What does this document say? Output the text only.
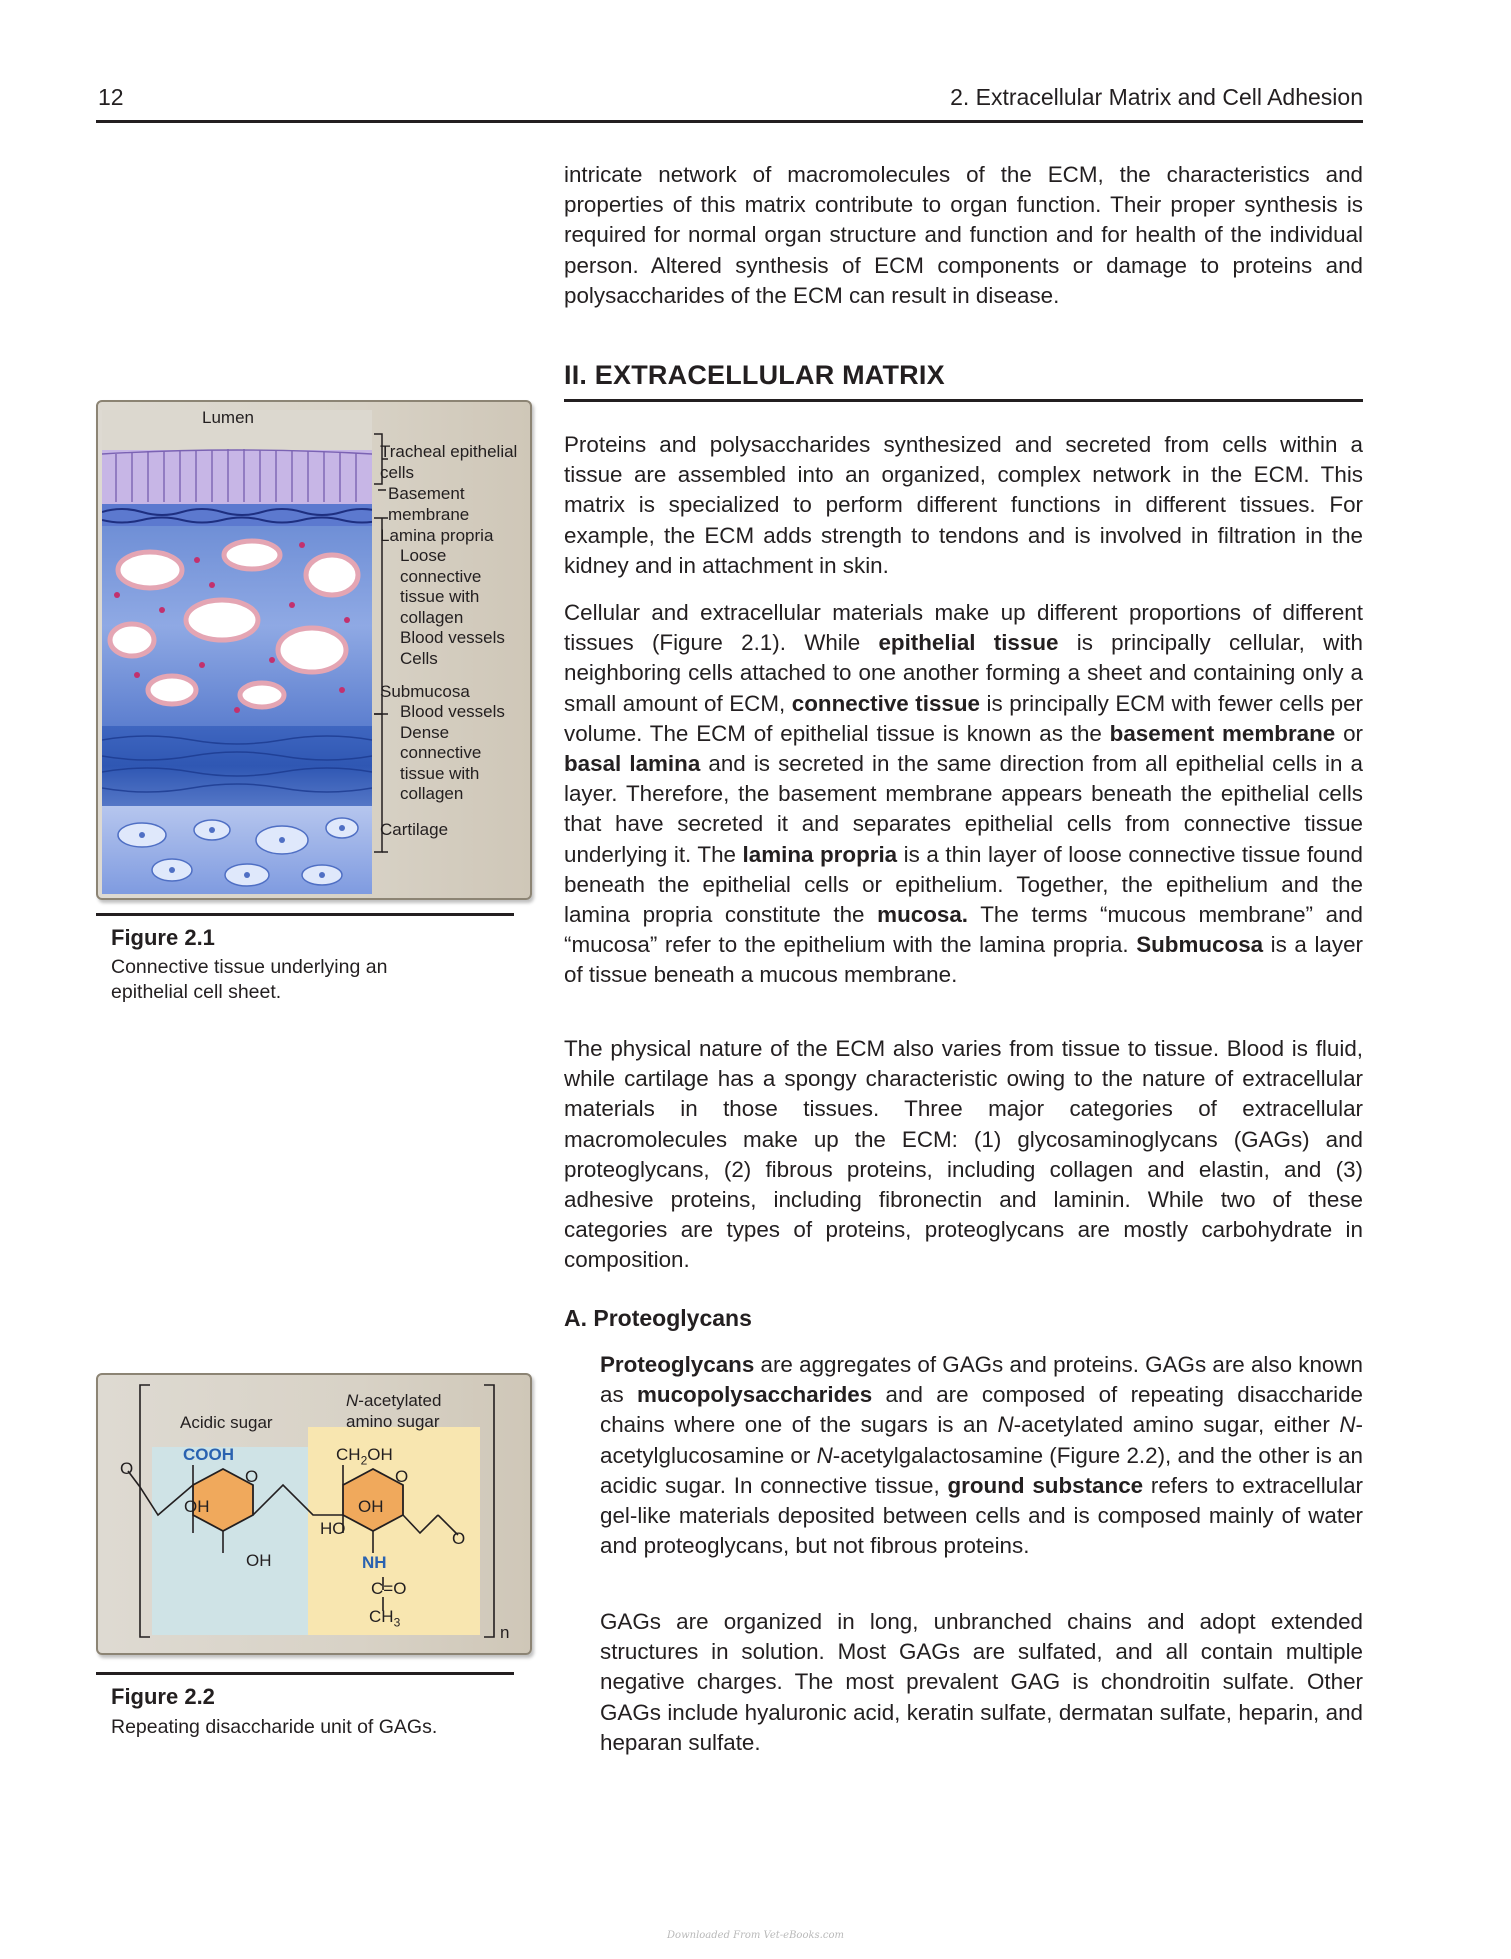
12	2. Extracellular Matrix and Cell Adhesion

intricate network of macromolecules of the ECM, the characteristics and properties of this matrix contribute to organ function. Their proper synthesis is required for normal organ structure and function and for health of the individual person. Altered synthesis of ECM components or damage to proteins and polysaccharides of the ECM can result in disease.

II. EXTRACELLULAR MATRIX

Proteins and polysaccharides synthesized and secreted from cells within a tissue are assembled into an organized, complex network in the ECM. This matrix is specialized to perform different functions in different tissues. For example, the ECM adds strength to tendons and is involved in filtration in the kidney and in attachment in skin.

Cellular and extracellular materials make up different proportions of different tissues (Figure 2.1). While epithelial tissue is principally cellular, with neighboring cells attached to one another forming a sheet and containing only a small amount of ECM, connective tissue is principally ECM with fewer cells per volume. The ECM of epithelial tissue is known as the basement membrane or basal lamina and is secreted in the same direction from all epithelial cells in a layer. Therefore, the basement membrane appears beneath the epithelial cells that have secreted it and separates epithelial cells from connective tissue underlying it. The lamina propria is a thin layer of loose connective tissue found beneath the epithelial cells or epithelium. Together, the epithelium and the lamina propria constitute the mucosa. The terms “mucous membrane” and “mucosa” refer to the epithelium with the lamina propria. Submucosa is a layer of tissue beneath a mucous membrane.

The physical nature of the ECM also varies from tissue to tissue. Blood is fluid, while cartilage has a spongy characteristic owing to the nature of extracellular materials in those tissues. Three major categories of extracellular macromolecules make up the ECM: (1) glycosaminoglycans (GAGs) and proteoglycans, (2) fibrous proteins, including collagen and elastin, and (3) adhesive proteins, including fibronectin and laminin. While two of these categories are types of proteins, proteoglycans are mostly carbohydrate in composition.

A. Proteoglycans

Proteoglycans are aggregates of GAGs and proteins. GAGs are also known as mucopolysaccharides and are composed of repeating disaccharide chains where one of the sugars is an N-acetylated amino sugar, either N-acetylglucosamine or N-acetylgalactosamine (Figure 2.2), and the other is an acidic sugar. In connective tissue, ground substance refers to extracellular gel-like materials deposited between cells and is composed mainly of water and proteoglycans, but not fibrous proteins.

GAGs are organized in long, unbranched chains and adopt extended structures in solution. Most GAGs are sulfated, and all contain multiple negative charges. The most prevalent GAG is chondroitin sulfate. Other GAGs include hyaluronic acid, keratin sulfate, dermatan sulfate, heparin, and heparan sulfate.

Lumen
Tracheal epithelial
cells
Basement
membrane
Lamina propria
Loose
connective
tissue with
collagen
Blood vessels
Cells
Submucosa
Blood vessels
Dense
connective
tissue with
collagen
Cartilage
Figure 2.1
Connective tissue underlying an
epithelial cell sheet.
Acidic sugar
N-acetylated
amino sugar
COOH	$CH_2OH$
O	O
O
O
OH
OH
OH
HO
NH
C=O
$CH_3$
n
Figure 2.2
Repeating disaccharide unit of GAGs.
Downloaded From Vet-eBooks.com
